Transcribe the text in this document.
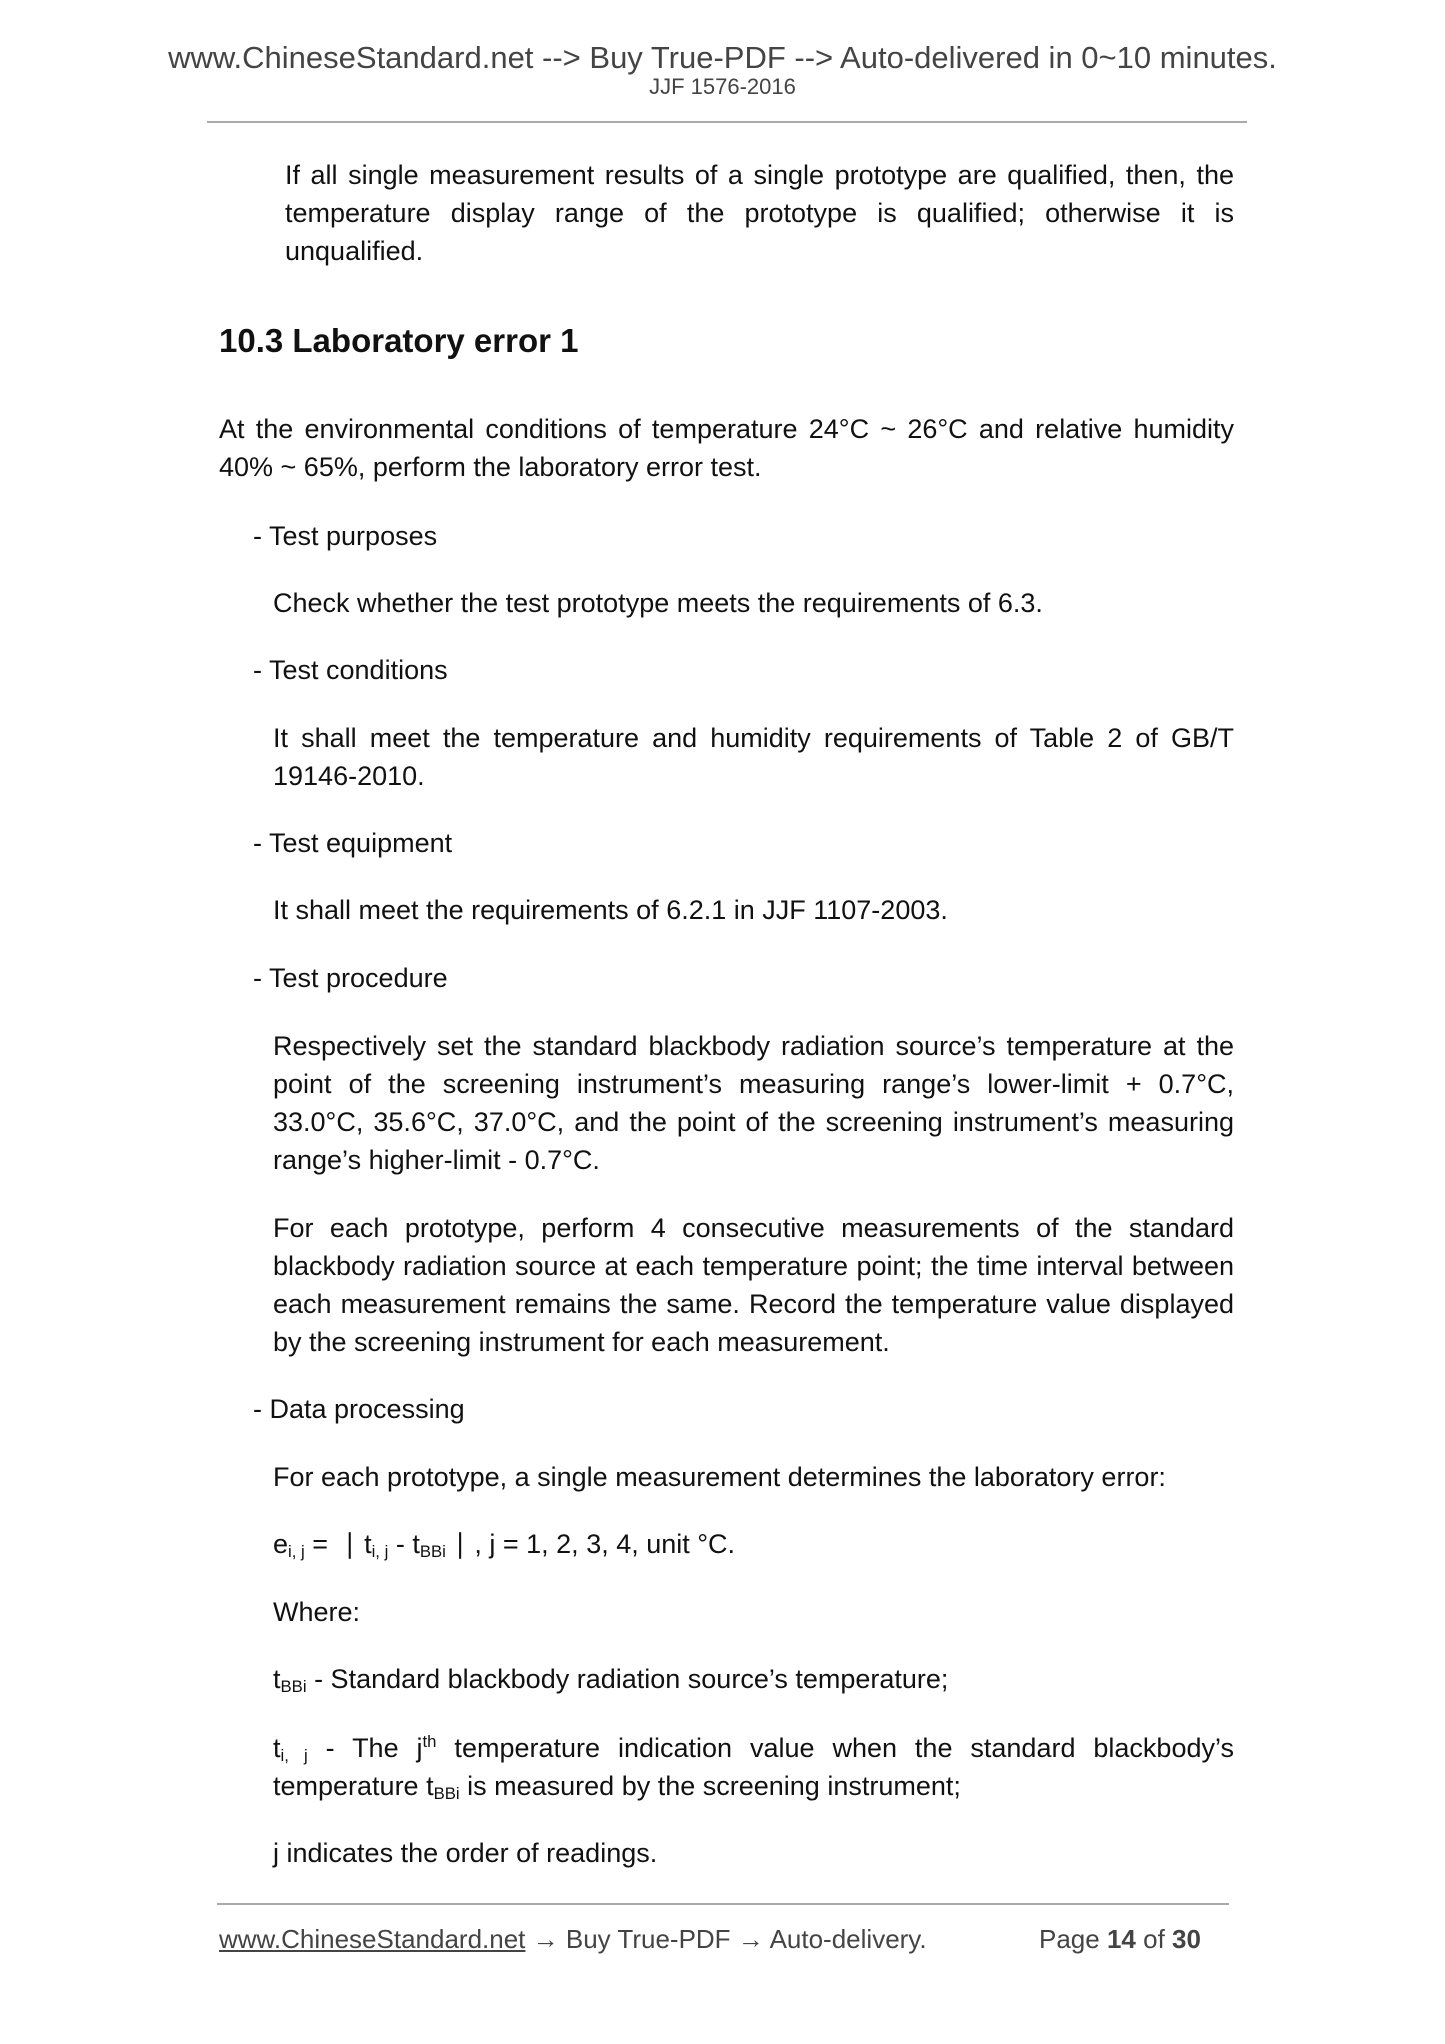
www.ChineseStandard.net --> Buy True-PDF --> Auto-delivered in 0~10 minutes.
JJF 1576-2016
If all single measurement results of a single prototype are qualified, then, the temperature display range of the prototype is qualified; otherwise it is unqualified.
10.3 Laboratory error 1
At the environmental conditions of temperature 24°C ~ 26°C and relative humidity 40% ~ 65%, perform the laboratory error test.
- Test purposes
Check whether the test prototype meets the requirements of 6.3.
- Test conditions
It shall meet the temperature and humidity requirements of Table 2 of GB/T 19146-2010.
- Test equipment
It shall meet the requirements of 6.2.1 in JJF 1107-2003.
- Test procedure
Respectively set the standard blackbody radiation source’s temperature at the point of the screening instrument’s measuring range’s lower-limit + 0.7°C, 33.0°C, 35.6°C, 37.0°C, and the point of the screening instrument’s measuring range’s higher-limit - 0.7°C.
For each prototype, perform 4 consecutive measurements of the standard blackbody radiation source at each temperature point; the time interval between each measurement remains the same. Record the temperature value displayed by the screening instrument for each measurement.
- Data processing
For each prototype, a single measurement determines the laboratory error:
$e_{i, j}$ =  ∣ $t_{i, j} - t_{BBi}$ ∣ , j = 1, 2, 3, 4, unit °C.
Where:
$t_{BBi}$ - Standard blackbody radiation source’s temperature;
$t_{i, j}$ - The $j^{th}$ temperature indication value when the standard blackbody’s temperature $t_{BBi}$ is measured by the screening instrument;
j indicates the order of readings.
www.ChineseStandard.net → Buy True-PDF → Auto-delivery.	Page 14 of 30
